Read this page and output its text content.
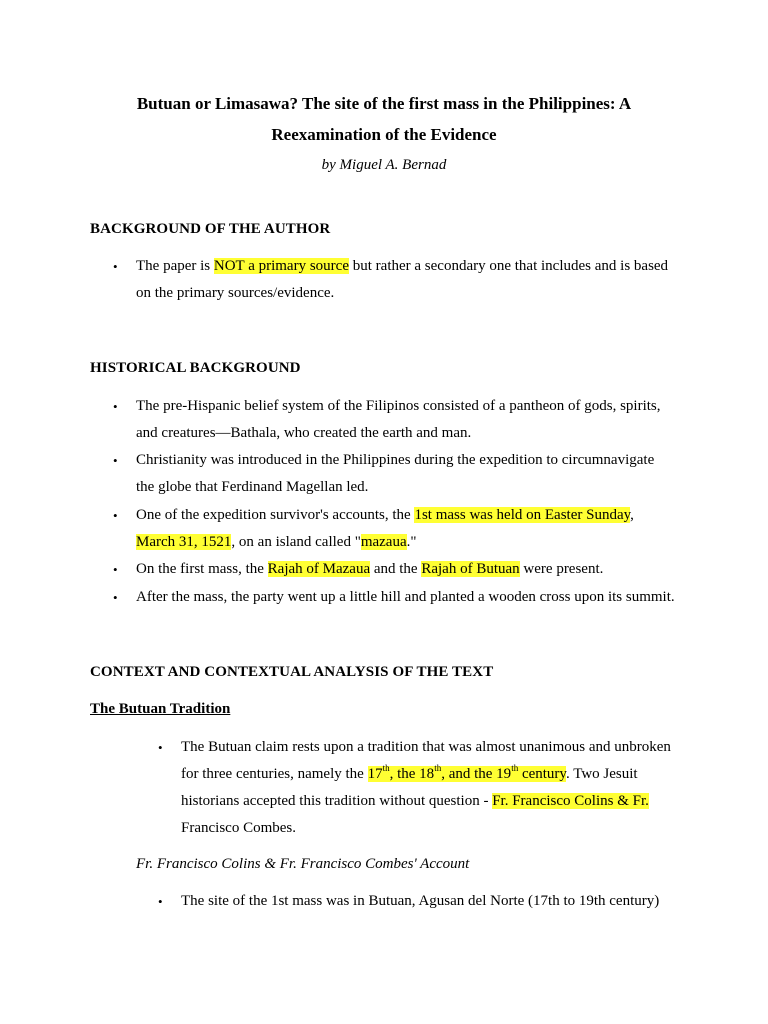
Butuan or Limasawa? The site of the first mass in the Philippines: A
Reexamination of the Evidence
by Miguel A. Bernad
BACKGROUND OF THE AUTHOR
• The paper is NOT a primary source but rather a secondary one that includes and is based
on the primary sources/evidence.
HISTORICAL BACKGROUND
• The pre-Hispanic belief system of the Filipinos consisted of a pantheon of gods, spirits,
and creatures—Bathala, who created the earth and man.
• Christianity was introduced in the Philippines during the expedition to circumnavigate
the globe that Ferdinand Magellan led.
• One of the expedition survivor's accounts, the 1st mass was held on Easter Sunday,
March 31, 1521, on an island called "mazaua."
• On the first mass, the Rajah of Mazaua and the Rajah of Butuan were present.
• After the mass, the party went up a little hill and planted a wooden cross upon its summit.
CONTEXT AND CONTEXTUAL ANALYSIS OF THE TEXT
The Butuan Tradition
• The Butuan claim rests upon a tradition that was almost unanimous and unbroken
for three centuries, namely the 17th, the 18th, and the 19th century. Two Jesuit
historians accepted this tradition without question - Fr. Francisco Colins & Fr.
Francisco Combes.
Fr. Francisco Colins & Fr. Francisco Combes' Account
• The site of the 1st mass was in Butuan, Agusan del Norte (17th to 19th century)
